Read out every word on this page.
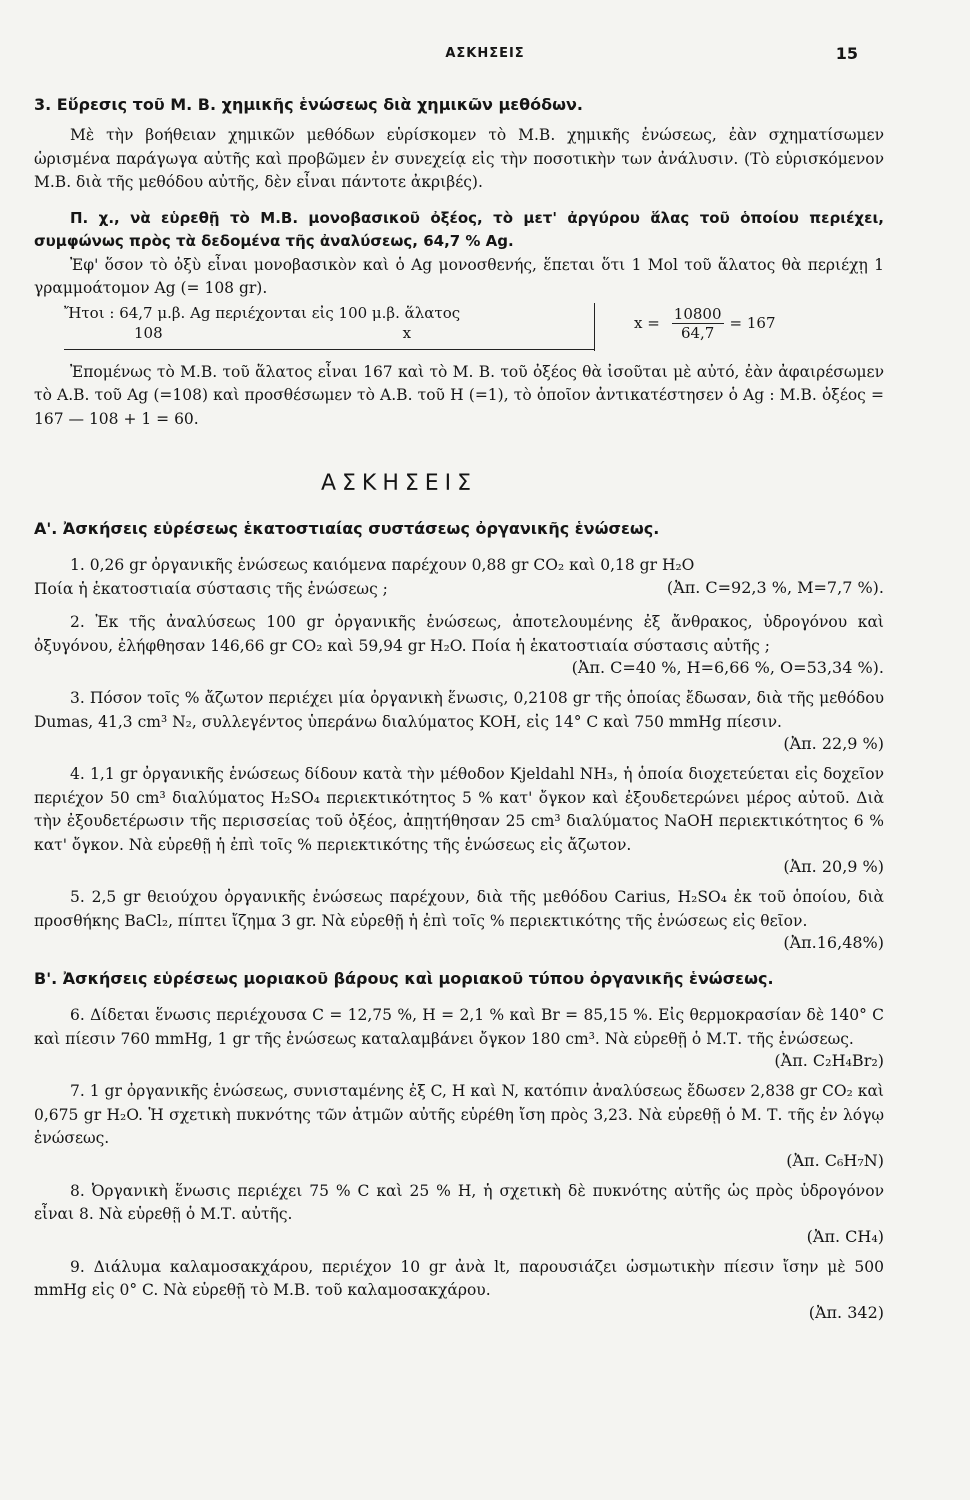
ΑΣΚΗΣΕΙΣ	15
3. Εὕρεσις τοῦ Μ. Β. χημικῆς ἑνώσεως διὰ χημικῶν μεθόδων.

Μὲ τὴν βοήθειαν χημικῶν μεθόδων εὑρίσκομεν τὸ Μ.Β. χημικῆς ἑνώσεως, ἐὰν σχηματίσωμεν ὡρισμένα παράγωγα αὐτῆς καὶ προβῶμεν ἐν συνεχείᾳ εἰς τὴν ποσοτικὴν των ἀνάλυσιν. (Τὸ εὑρισκόμενον Μ.Β. διὰ τῆς μεθόδου αὐτῆς, δὲν εἶναι πάντοτε ἀκριβές).

Π. χ., νὰ εὑρεθῇ τὸ Μ.Β. μονοβασικοῦ ὀξέος, τὸ μετ' ἀργύρου ἅλας τοῦ ὁποίου περιέχει, συμφώνως πρὸς τὰ δεδομένα τῆς ἀναλύσεως, 64,7 % Ag.

Ἐφ' ὅσον τὸ ὀξὺ εἶναι μονοβασικὸν καὶ ὁ Ag μονοσθενής, ἕπεται ὅτι 1 Mol τοῦ ἅλατος θὰ περιέχῃ 1 γραμμοάτομον Ag (= 108 gr).

Ἤτοι : 64,7 μ.β. Ag περιέχονται εἰς 100 μ.β. ἅλατος
108	x
$x = \frac{10800}{64,7} = 167$

Ἐπομένως τὸ Μ.Β. τοῦ ἅλατος εἶναι 167 καὶ τὸ Μ. Β. τοῦ ὀξέος θὰ ἰσοῦται μὲ αὐτό, ἐὰν ἀφαιρέσωμεν τὸ Α.Β. τοῦ Ag (=108) καὶ προσθέσωμεν τὸ Α.Β. τοῦ H (=1), τὸ ὁποῖον ἀντικατέστησεν ὁ Ag : Μ.Β. ὀξέος = 167 — 108 + 1 = 60.

ΑΣΚΗΣΕΙΣ
Α'. Ἀσκήσεις εὑρέσεως ἑκατοστιαίας συστάσεως ὀργανικῆς ἑνώσεως.

1. 0,26 gr ὀργανικῆς ἑνώσεως καιόμενα παρέχουν 0,88 gr CO₂ καὶ 0,18 gr H₂O

Ποία ἡ ἑκατοστιαία σύστασις τῆς ἑνώσεως ;	(Ἀπ. C=92,3 %, M=7,7 %).

2. Ἐκ τῆς ἀναλύσεως 100 gr ὀργανικῆς ἑνώσεως, ἀποτελουμένης ἐξ ἄνθρακος, ὑδρογόνου καὶ ὀξυγόνου, ἐλήφθησαν 146,66 gr CO₂ καὶ 59,94 gr H₂O. Ποία ἡ ἑκατοστιαία σύστασις αὐτῆς ;

(Ἀπ. C=40 %, H=6,66 %, O=53,34 %).

3. Πόσον τοῖς % ἄζωτον περιέχει μία ὀργανικὴ ἕνωσις, 0,2108 gr τῆς ὁποίας ἔδωσαν, διὰ τῆς μεθόδου Dumas, 41,3 cm³ N₂, συλλεγέντος ὑπεράνω διαλύματος KOH, εἰς 14° C καὶ 750 mmHg πίεσιν.

(Ἀπ. 22,9 %)

4. 1,1 gr ὀργανικῆς ἑνώσεως δίδουν κατὰ τὴν μέθοδον Kjeldahl NH₃, ἡ ὁποία διοχετεύεται εἰς δοχεῖον περιέχον 50 cm³ διαλύματος H₂SO₄ περιεκτικότητος 5 % κατ' ὄγκον καὶ ἐξουδετερώνει μέρος αὐτοῦ. Διὰ τὴν ἐξουδετέρωσιν τῆς περισσείας τοῦ ὀξέος, ἀπῃτήθησαν 25 cm³ διαλύματος NaOH περιεκτικότητος 6 % κατ' ὄγκον. Νὰ εὑρεθῇ ἡ ἐπὶ τοῖς % περιεκτικότης τῆς ἑνώσεως εἰς ἄζωτον.

(Ἀπ. 20,9 %)

5. 2,5 gr θειούχου ὀργανικῆς ἑνώσεως παρέχουν, διὰ τῆς μεθόδου Carius, H₂SO₄ ἐκ τοῦ ὁποίου, διὰ προσθήκης BaCl₂, πίπτει ἴζημα 3 gr. Νὰ εὑρεθῇ ἡ ἐπὶ τοῖς % περιεκτικότης τῆς ἑνώσεως εἰς θεῖον.

(Ἀπ.16,48%)
Β'. Ἀσκήσεις εὑρέσεως μοριακοῦ βάρους καὶ μοριακοῦ τύπου ὀργανικῆς ἑνώσεως.

6. Δίδεται ἕνωσις περιέχουσα C = 12,75 %, H = 2,1 % καὶ Br = 85,15 %. Εἰς θερμοκρασίαν δὲ 140° C καὶ πίεσιν 760 mmHg, 1 gr τῆς ἑνώσεως καταλαμβάνει ὄγκον 180 cm³. Νὰ εὑρεθῇ ὁ Μ.Τ. τῆς ἑνώσεως.

(Ἀπ. C₂H₄Br₂)

7. 1 gr ὀργανικῆς ἑνώσεως, συνισταμένης ἐξ C, H καὶ N, κατόπιν ἀναλύσεως ἔδωσεν 2,838 gr CO₂ καὶ 0,675 gr H₂O. Ἡ σχετικὴ πυκνότης τῶν ἀτμῶν αὐτῆς εὑρέθη ἴση πρὸς 3,23. Νὰ εὑρεθῇ ὁ Μ. Τ. τῆς ἐν λόγῳ ἑνώσεως.

(Ἀπ. C₆H₇N)

8. Ὀργανικὴ ἕνωσις περιέχει 75 % C καὶ 25 % H, ἡ σχετικὴ δὲ πυκνότης αὐτῆς ὡς πρὸς ὑδρογόνον εἶναι 8. Νὰ εὑρεθῇ ὁ Μ.Τ. αὐτῆς.

(Ἀπ. CH₄)

9. Διάλυμα καλαμοσακχάρου, περιέχον 10 gr ἀνὰ lt, παρουσιάζει ὠσμωτικὴν πίεσιν ἴσην μὲ 500 mmHg εἰς 0° C. Νὰ εὑρεθῇ τὸ Μ.Β. τοῦ καλαμοσακχάρου.

(Ἀπ. 342)
